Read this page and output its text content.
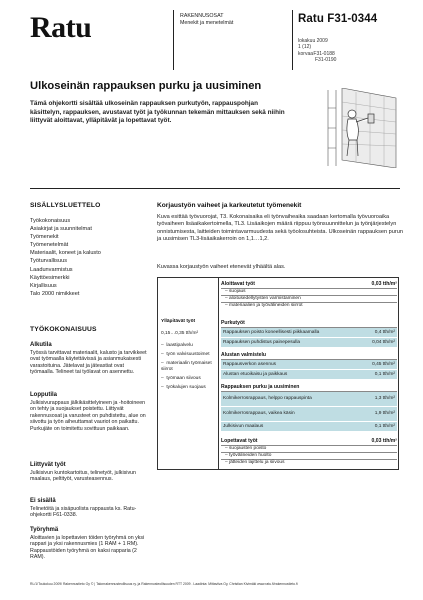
Ratu	RAKENNUSOSAT
Menekit ja menetelmät	Ratu F31-0344
lokakuu 2009
1 (12)
korvaa F31-0188
F31-0190
Ulkoseinän rappauksen purku ja uusiminen
Tämä ohjekortti sisältää ulkoseinän rappauksen purkutyön, rappauspohjan käsittelyn, rappauksen, avustavat työt ja työkunnan tekemän mittauksen sekä niihin liittyvät aloittavat, ylläpitävät ja lopettavat työt.
SISÄLLYSLUETTELO
Työkokonaisuus
Asiakirjat ja suunnitelmat
Työmenekit
Työmenetelmät
Materiaalit, koneet ja kalusto
Työturvallisuus
Laadunvarmistus
Käyttöesimerkki
Kirjallisuus
Talo 2000 nimikkeet
TYÖKOKONAISUUS
Alkutila
Työssä tarvittavat materiaalit, kalusto ja tarvikkeet ovat työmaalla käytettävissä ja asianmukaisesti varastoituina. Jätelavat ja jäteastiat ovat työmaalla. Telineet tai työlavat on asennettu.
Lopputila
Julkisivurappaus jälkikäsittelyineen ja -hoitoineen on tehty ja suojaukset poistettu. Liittyvät rakennusosat ja varusteet on puhdistettu, alue on siivottu ja työn aiheuttamat vauriot on paikattu. Purkujäte on toimitettu sovittuun paikkaan.
Liittyvät työt
Julkisivun kuntokartoitus, telinetyöt, julkisivun maalaus, peltityöt, varusteasennus.
Ei sisällä
Telinetöitä ja sisäpuolista rappausta ks. Ratu-ohjekortti F61-0338.
Työryhmä
Aloittavien ja lopettavien töiden työryhmä on yksi rappari ja yksi rakennusmies (1 RAM + 1 RM). Rappaustöiden työryhmä on kaksi rapparia (2 RAM).
Korjaustyön vaiheet ja karkeutetut työmenekit
Kuva esittää työvuorojat, T3. Kokonaisaika eli työnvaiheaika saadaan kertomalla työvuoroaika työvaiheen lisäaikakertoimella, TL3. Lisäaikojen määrä riippuu työnsuunnittelun ja työnjärjestelyn onnistumisesta, laitteiden toimintavarmuudesta sekä työolosuhteista. Ulkoseinän rappauksen purun ja uusimisen TL3-lisäaikakerroin on 1,1…1,2.
Kuvassa korjaustyön vaiheet etenevät ylhäältä alas.
Ylläpitävät työt
0,15…0,35 tth/m²
–  laastipalvelu
–  työn valvisuustoimet
–  materiaalin työmaiset siirrot
–  työmaan siivous
–  työkalujen suojaus
Aloittavat työt	0,03 tth/m²
– suojaus
– aloitusedellytysten varmistaminen
– materiaalien ja työvälineiden siirrot
Purkutyöt
Rappauksen poisto koneellisesti piikkaamalla	0,4 tth/m²
Rappauksen puhdistus painepesulla	0,04 tth/m²
Alustan valmistelu
Rappausverkon asennus	0,45 tth/m²
Alustan etuoikaisu ja paikkaus	0,1 tth/m²
Rappauksen purku ja uusiminen
Kolmikerrosrappaus, helppo rappauspinta	1,3 tth/m²
Kolmikerrosrappaus, vaikea käsin	1,9 tth/m²
Julkisivun maalaus	0,1 tth/m²
Lopettavat työt	0,03 tth/m²
– suojausten poisto
– työvälineiden huolto
– jätteiden lajittelu ja siivous
RL/1/Toukokuu 2009/ Rakennustieto Oy © | Talonrakennusteollisuus ry. ja Rakennusteollisuuden RTT 2009 . Laadinta: Mittaviiva Oy, Christian Kivimäki www.ratu.fi/rakennustieto.fi
